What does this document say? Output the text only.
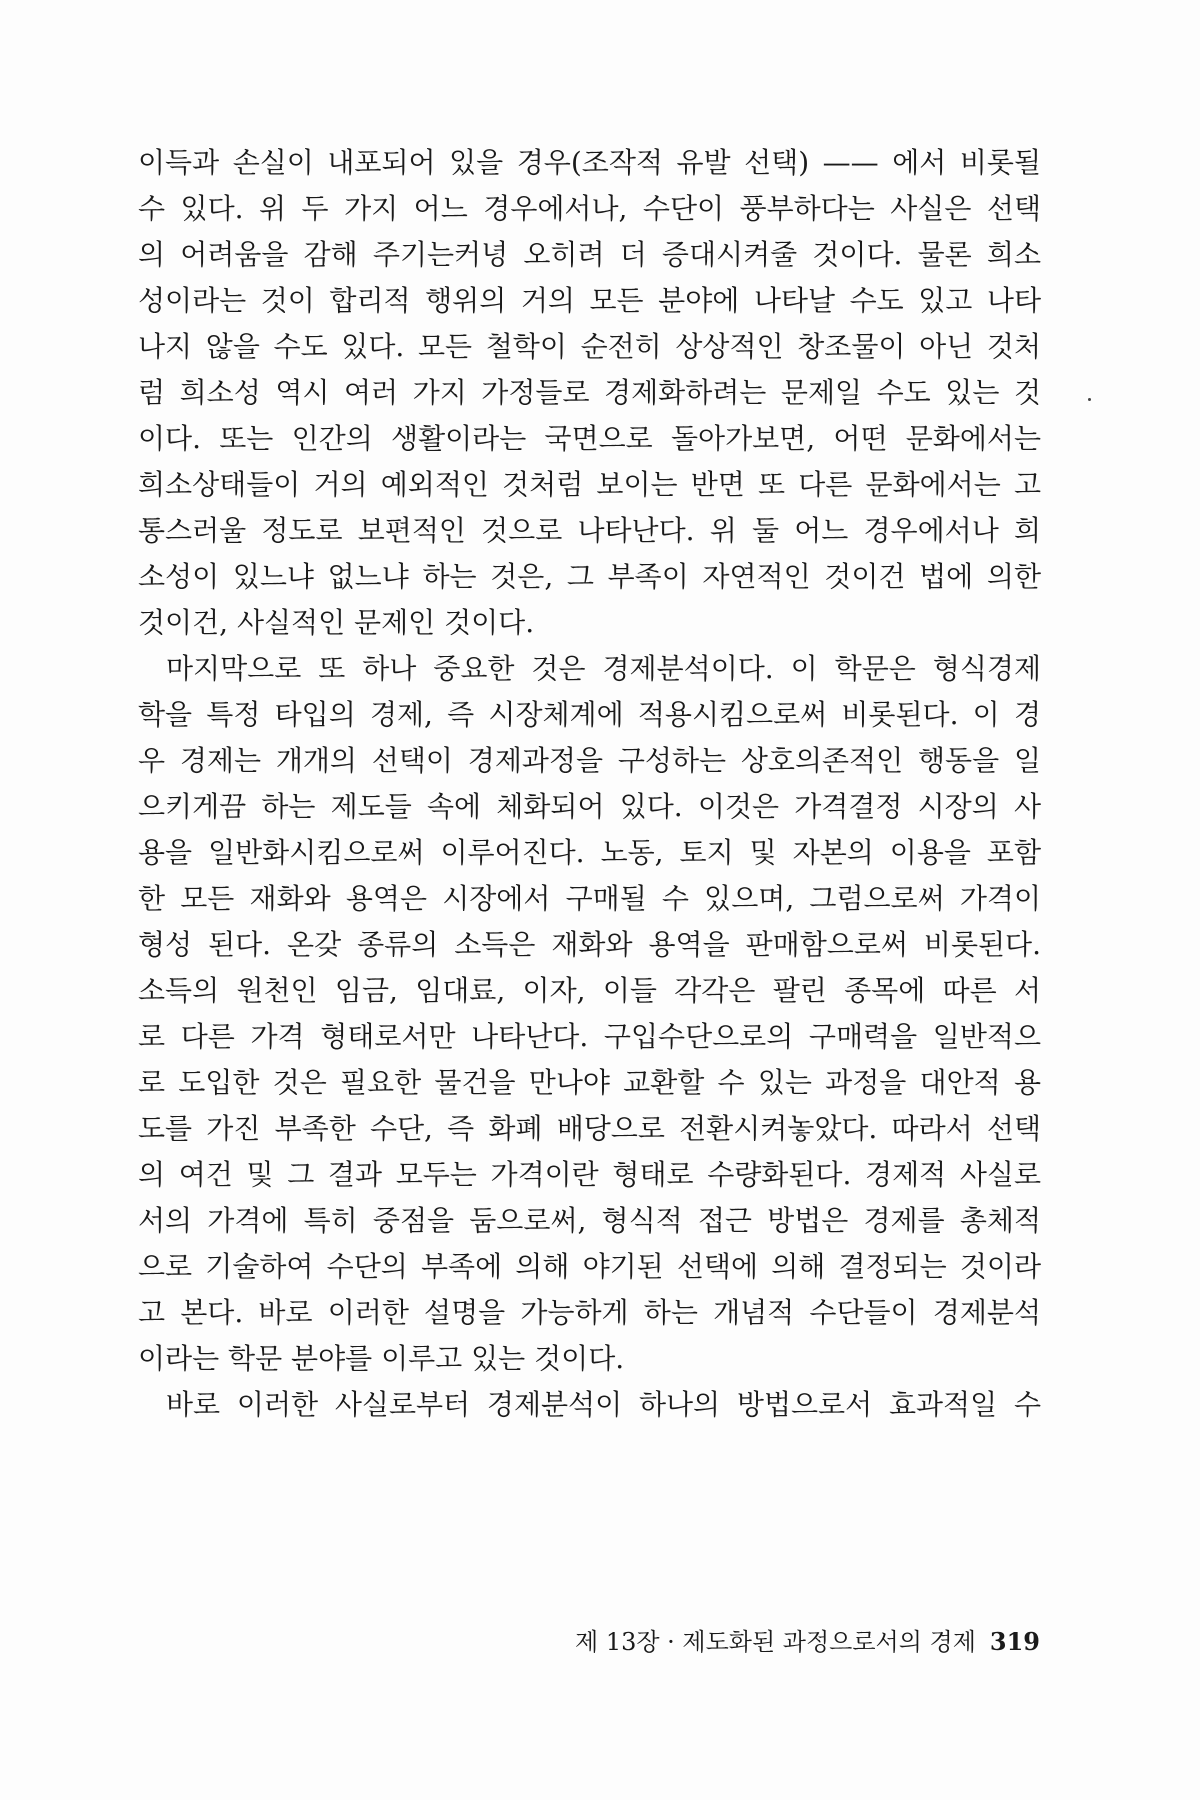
이득과 손실이 내포되어 있을 경우(조작적 유발 선택) —— 에서 비롯될
수 있다. 위 두 가지 어느 경우에서나, 수단이 풍부하다는 사실은 선택
의 어려움을 감해 주기는커녕 오히려 더 증대시켜줄 것이다. 물론 희소
성이라는 것이 합리적 행위의 거의 모든 분야에 나타날 수도 있고 나타
나지 않을 수도 있다. 모든 철학이 순전히 상상적인 창조물이 아닌 것처
럼 희소성 역시 여러 가지 가정들로 경제화하려는 문제일 수도 있는 것
이다. 또는 인간의 생활이라는 국면으로 돌아가보면, 어떤 문화에서는
희소상태들이 거의 예외적인 것처럼 보이는 반면 또 다른 문화에서는 고
통스러울 정도로 보편적인 것으로 나타난다. 위 둘 어느 경우에서나 희
소성이 있느냐 없느냐 하는 것은, 그 부족이 자연적인 것이건 법에 의한
것이건, 사실적인 문제인 것이다.
마지막으로 또 하나 중요한 것은 경제분석이다. 이 학문은 형식경제
학을 특정 타입의 경제, 즉 시장체계에 적용시킴으로써 비롯된다. 이 경
우 경제는 개개의 선택이 경제과정을 구성하는 상호의존적인 행동을 일
으키게끔 하는 제도들 속에 체화되어 있다. 이것은 가격결정 시장의 사
용을 일반화시킴으로써 이루어진다. 노동, 토지 및 자본의 이용을 포함
한 모든 재화와 용역은 시장에서 구매될 수 있으며, 그럼으로써 가격이
형성 된다. 온갖 종류의 소득은 재화와 용역을 판매함으로써 비롯된다.
소득의 원천인 임금, 임대료, 이자, 이들 각각은 팔린 종목에 따른 서
로 다른 가격 형태로서만 나타난다. 구입수단으로의 구매력을 일반적으
로 도입한 것은 필요한 물건을 만나야 교환할 수 있는 과정을 대안적 용
도를 가진 부족한 수단, 즉 화폐 배당으로 전환시켜놓았다. 따라서 선택
의 여건 및 그 결과 모두는 가격이란 형태로 수량화된다. 경제적 사실로
서의 가격에 특히 중점을 둠으로써, 형식적 접근 방법은 경제를 총체적
으로 기술하여 수단의 부족에 의해 야기된 선택에 의해 결정되는 것이라
고 본다. 바로 이러한 설명을 가능하게 하는 개념적 수단들이 경제분석
이라는 학문 분야를 이루고 있는 것이다.
바로 이러한 사실로부터 경제분석이 하나의 방법으로서 효과적일 수
제 13장 · 제도화된 과정으로서의 경제 319
